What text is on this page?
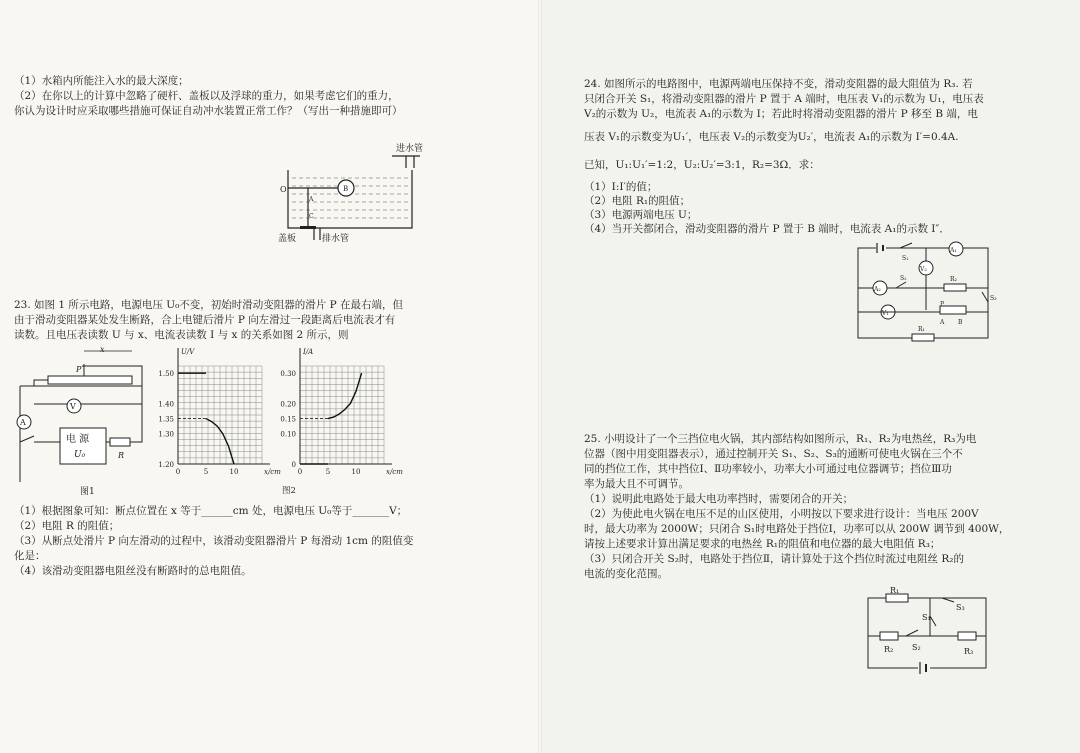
（1）水箱内所能注入水的最大深度；
（2）在你以上的计算中忽略了硬杆、盖板以及浮球的重力，如果考虑它们的重力，
你认为设计时应采取哪些措施可保证自动冲水装置正常工作？（写出一种措施即可）
进水管
O	B
A
C
盖板	排水管
23. 如图 1 所示电路，电源电压 U₀不变，初始时滑动变阻器的滑片 P 在最右端，但
由于滑动变阻器某处发生断路，合上电键后滑片 P 向左滑过一段距离后电流表才有
读数。且电压表读数 U 与 x、电流表读数 I 与 x 的关系如图 2 所示，则
x
P
V
A
电 源
U₀	R
图1
U/V
x/cm
1.20
1.30
1.35
1.40
1.50
0	5	10
I/A
x/cm
0
0.10
0.15
0.20
0.30
0	5	10
图2
（1）根据图象可知：断点位置在 x 等于______cm 处，电源电压 U₀等于_______V；
（2）电阻 R 的阻值；
（3）从断点处滑片 P 向左滑动的过程中，该滑动变阻器滑片 P 每滑动 1cm 的阻值变
化是：
（4）该滑动变阻器电阻丝没有断路时的总电阻值。
24. 如图所示的电路图中，电源两端电压保持不变，滑动变阻器的最大阻值为 R₃. 若
只闭合开关 S₁，将滑动变阻器的滑片 P 置于 A 端时，电压表 V₁的示数为 U₁，电压表
V₂的示数为 U₂，电流表 A₁的示数为 I；若此时将滑动变阻器的滑片 P 移至 B 端，电
压表 V₁的示数变为U₁′，电压表 V₂的示数变为U₂′，电流表 A₁的示数为 I′=0.4A.
已知，U₁:U₁′=1:2，U₂:U₂′=3:1，R₂=3Ω．求：
（1）I:I′的值；
（2）电阻 R₁的阻值；
（3）电源两端电压 U；
（4）当开关都闭合，滑动变阻器的滑片 P 置于 B 端时，电流表 A₁的示数 I″．
S₁
A₁
V₂
S₂
A₂
R₂
V₁
P
A B
S₃
R₁
25. 小明设计了一个三挡位电火锅，其内部结构如图所示，R₁、R₂为电热丝，R₃为电
位器（图中用变阻器表示），通过控制开关 S₁、S₂、S₃的通断可使电火锅在三个不
同的挡位工作，其中挡位Ⅰ、Ⅱ功率较小，功率大小可通过电位器调节；挡位Ⅲ功
率为最大且不可调节。
（1）说明此电路处于最大电功率挡时，需要闭合的开关；
（2）为使此电火锅在电压不足的山区使用，小明按以下要求进行设计：当电压 200V
时，最大功率为 2000W；只闭合 S₁时电路处于挡位Ⅰ，功率可以从 200W 调节到 400W，
请按上述要求计算出满足要求的电热丝 R₁的阻值和电位器的最大电阻值 R₃；
（3）只闭合开关 S₂时，电路处于挡位Ⅱ，请计算处于这个挡位时流过电阻丝 R₂的
电流的变化范围。
R₁
S₃
S₁
R₂ S₂	R₃
